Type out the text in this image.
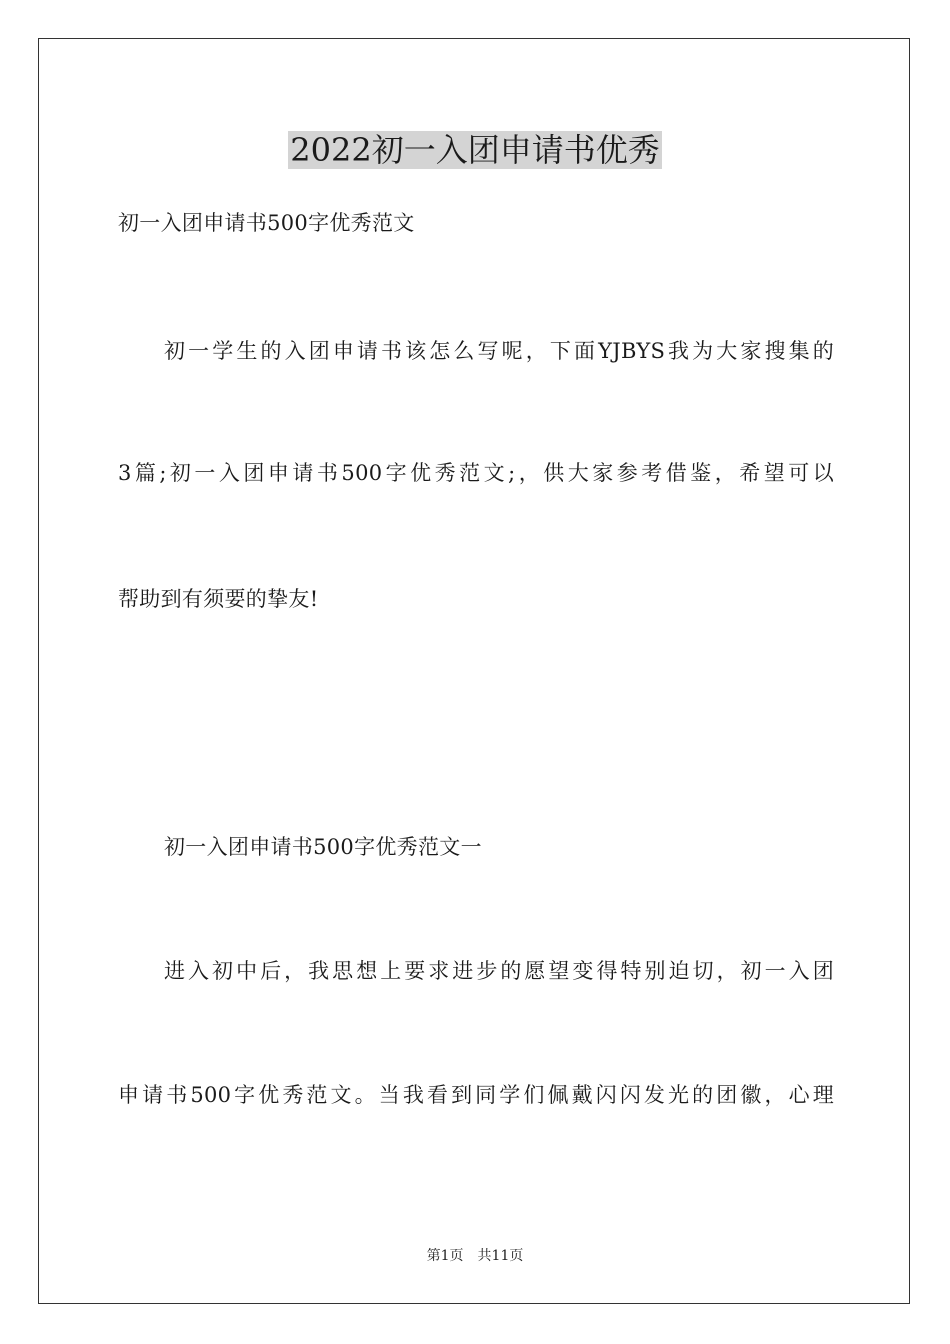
2022初一入团申请书优秀
初一入团申请书500字优秀范文
初一学生的入团申请书该怎么写呢，下面YJBYS我为大家搜集的
3篇;初一入团申请书500字优秀范文;，供大家参考借鉴，希望可以
帮助到有须要的挚友!
初一入团申请书500字优秀范文一
进入初中后，我思想上要求进步的愿望变得特别迫切，初一入团
申请书500字优秀范文。当我看到同学们佩戴闪闪发光的团徽，心理
第1页　共11页
